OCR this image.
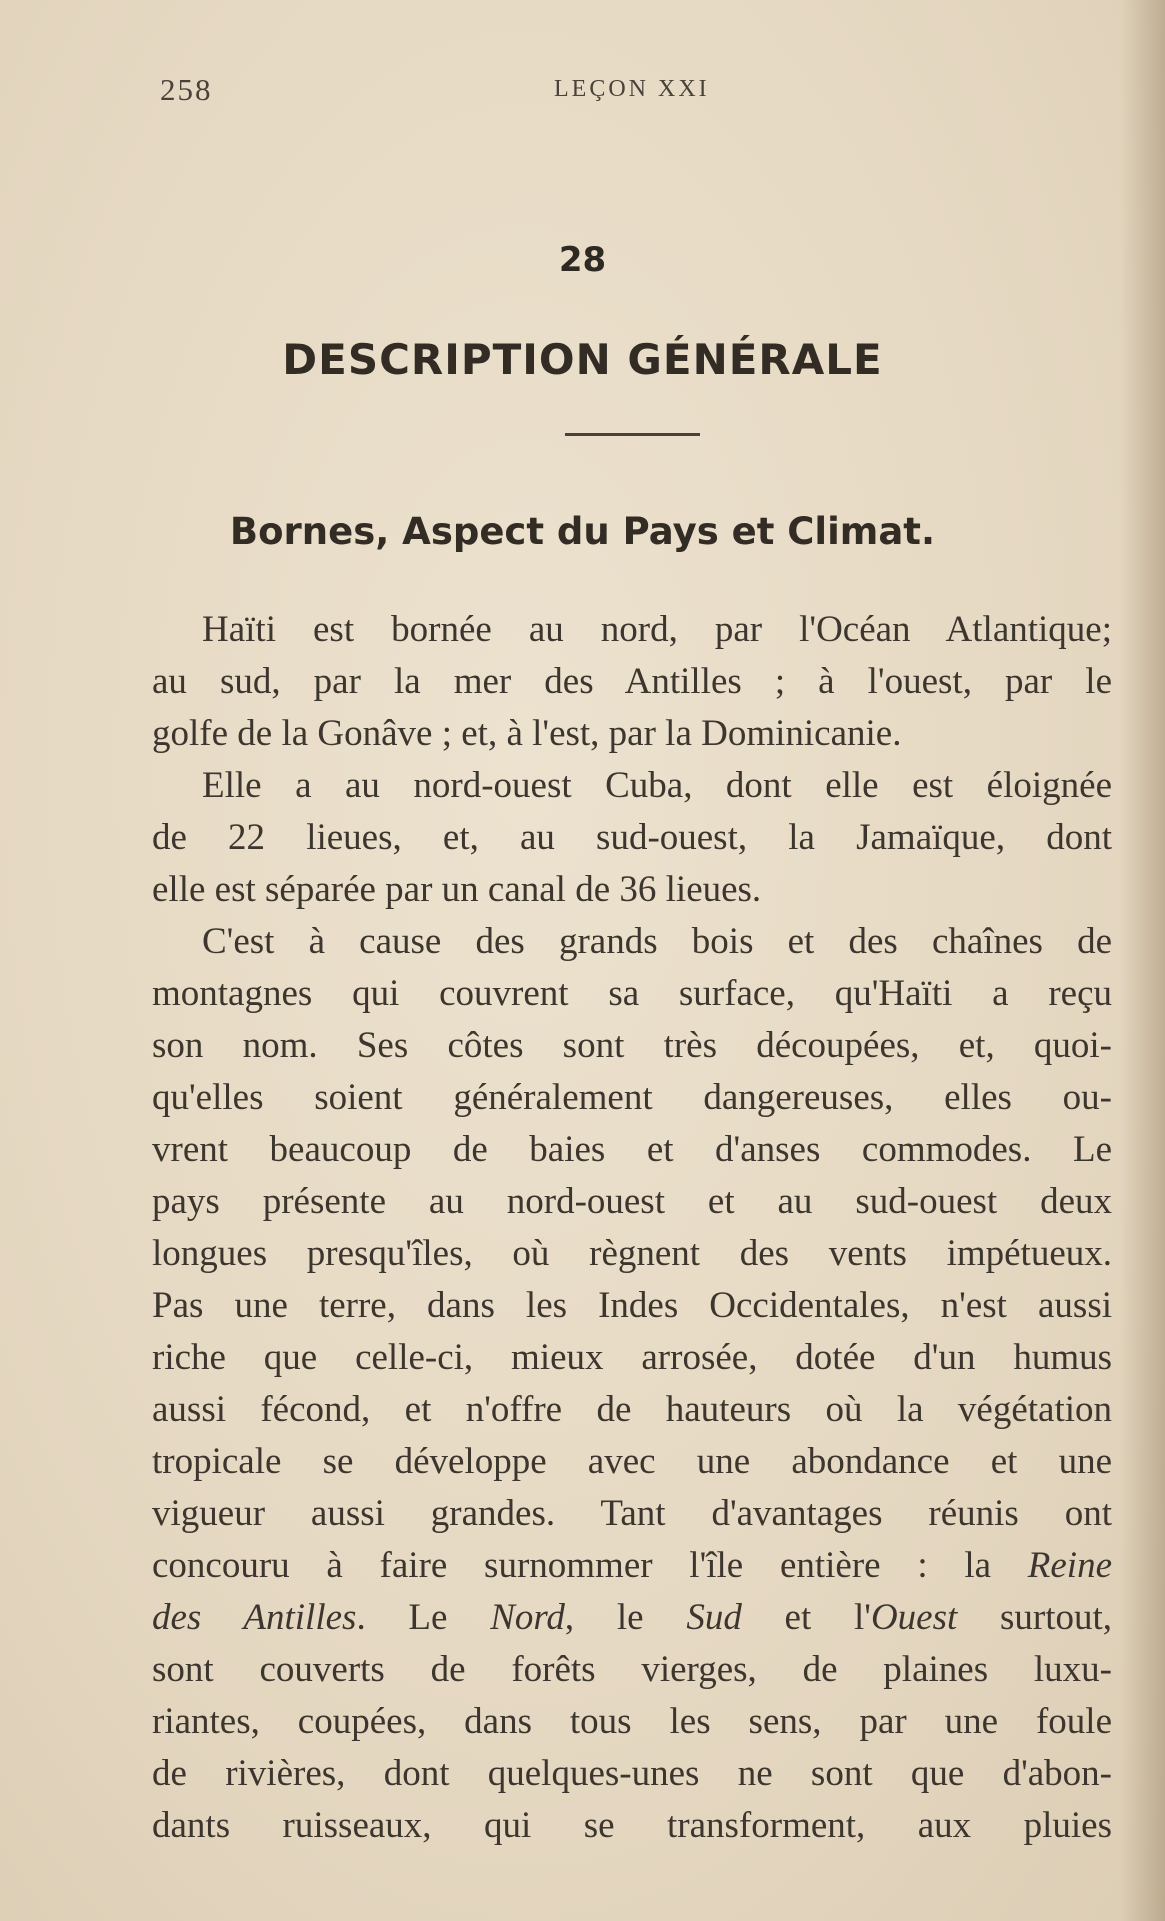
258	LEÇON XXI
28
DESCRIPTION GÉNÉRALE
Bornes, Aspect du Pays et Climat.
Haïti est bornée au nord, par l'Océan Atlantique;
au sud, par la mer des Antilles ; à l'ouest, par le
golfe de la Gonâve ; et, à l'est, par la Dominicanie.
Elle a au nord-ouest Cuba, dont elle est éloignée
de 22 lieues, et, au sud-ouest, la Jamaïque, dont
elle est séparée par un canal de 36 lieues.
C'est à cause des grands bois et des chaînes de
montagnes qui couvrent sa surface, qu'Haïti a reçu
son nom. Ses côtes sont très découpées, et, quoi-
qu'elles soient généralement dangereuses, elles ou-
vrent beaucoup de baies et d'anses commodes. Le
pays présente au nord-ouest et au sud-ouest deux
longues presqu'îles, où règnent des vents impétueux.
Pas une terre, dans les Indes Occidentales, n'est aussi
riche que celle-ci, mieux arrosée, dotée d'un humus
aussi fécond, et n'offre de hauteurs où la végétation
tropicale se développe avec une abondance et une
vigueur aussi grandes. Tant d'avantages réunis ont
concouru à faire surnommer l'île entière : la Reine
des Antilles. Le Nord, le Sud et l'Ouest surtout,
sont couverts de forêts vierges, de plaines luxu-
riantes, coupées, dans tous les sens, par une foule
de rivières, dont quelques-unes ne sont que d'abon-
dants ruisseaux, qui se transforment, aux pluies
